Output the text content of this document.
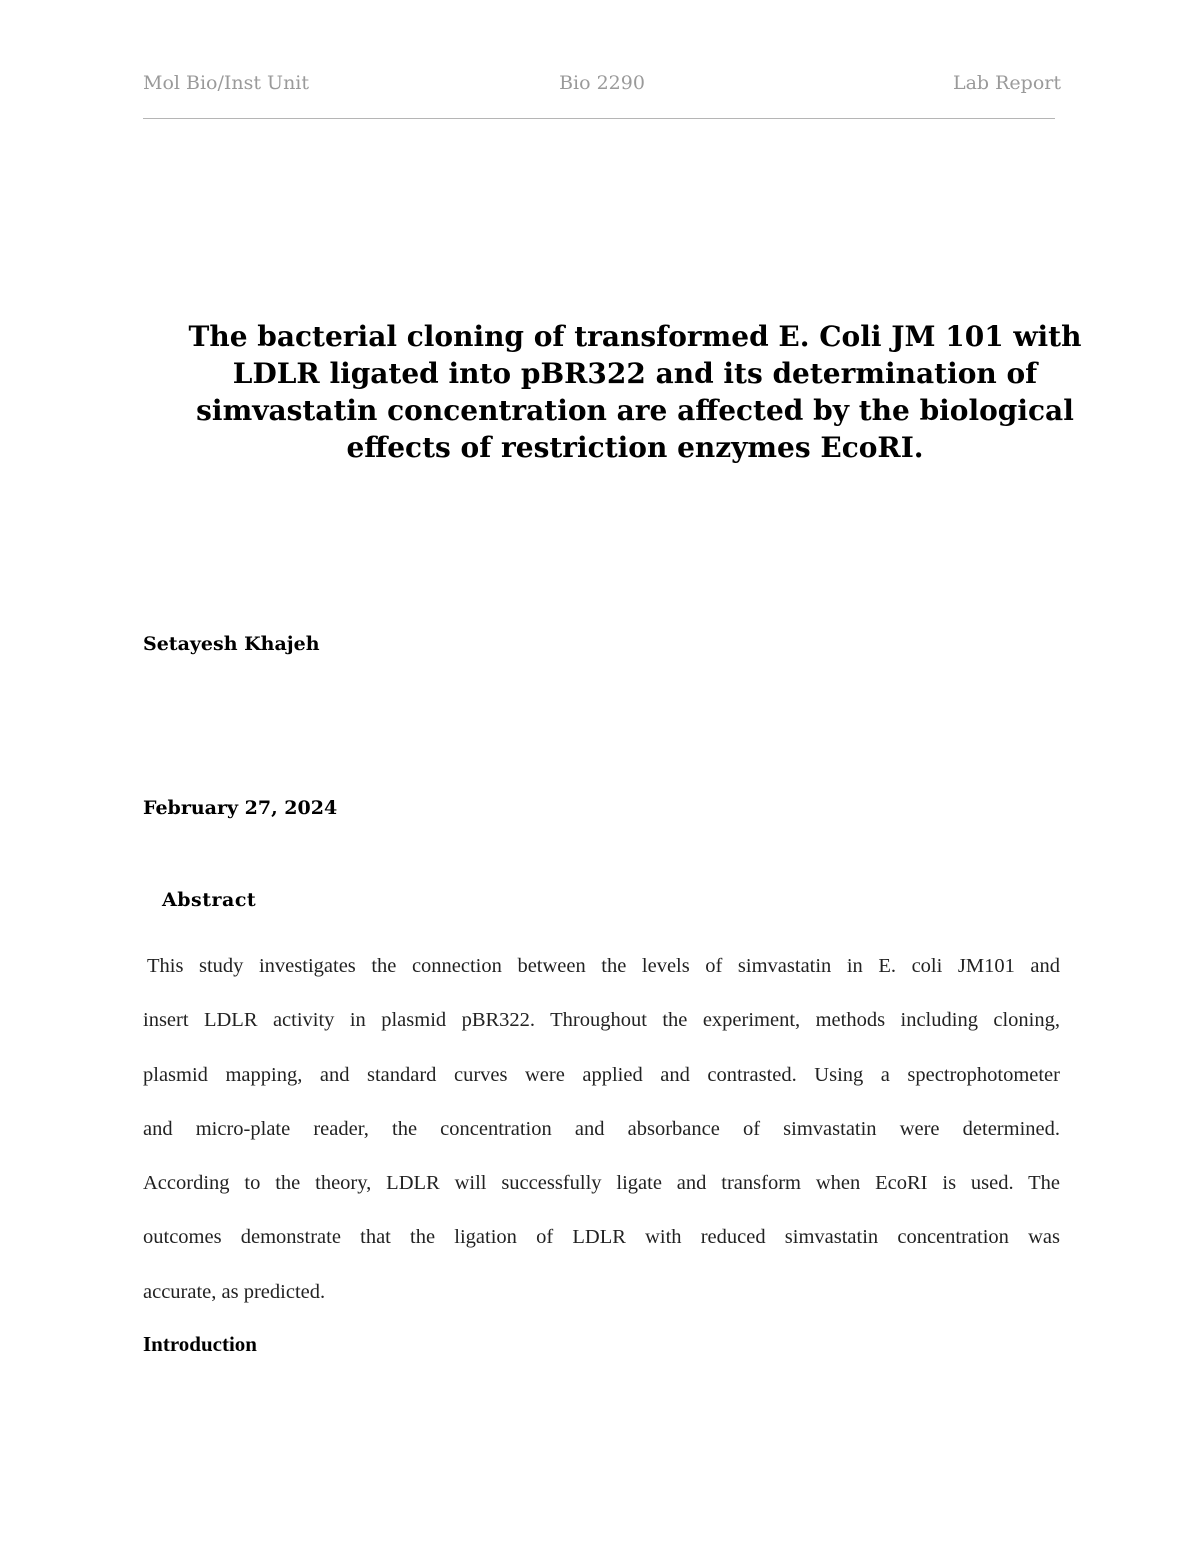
Mol Bio/Inst Unit	Bio 2290	Lab Report
The bacterial cloning of transformed E. Coli JM 101 with
LDLR ligated into pBR322 and its determination of
simvastatin concentration are affected by the biological
effects of restriction enzymes EcoRI.

Setayesh Khajeh

February 27, 2024

Abstract

This study investigates the connection between the levels of simvastatin in E. coli JM101 and
insert LDLR activity in plasmid pBR322. Throughout the experiment, methods including cloning,
plasmid mapping, and standard curves were applied and contrasted. Using a spectrophotometer
and micro-plate reader, the concentration and absorbance of simvastatin were determined.
According to the theory, LDLR will successfully ligate and transform when EcoRI is used. The
outcomes demonstrate that the ligation of LDLR with reduced simvastatin concentration was
accurate, as predicted.

Introduction
